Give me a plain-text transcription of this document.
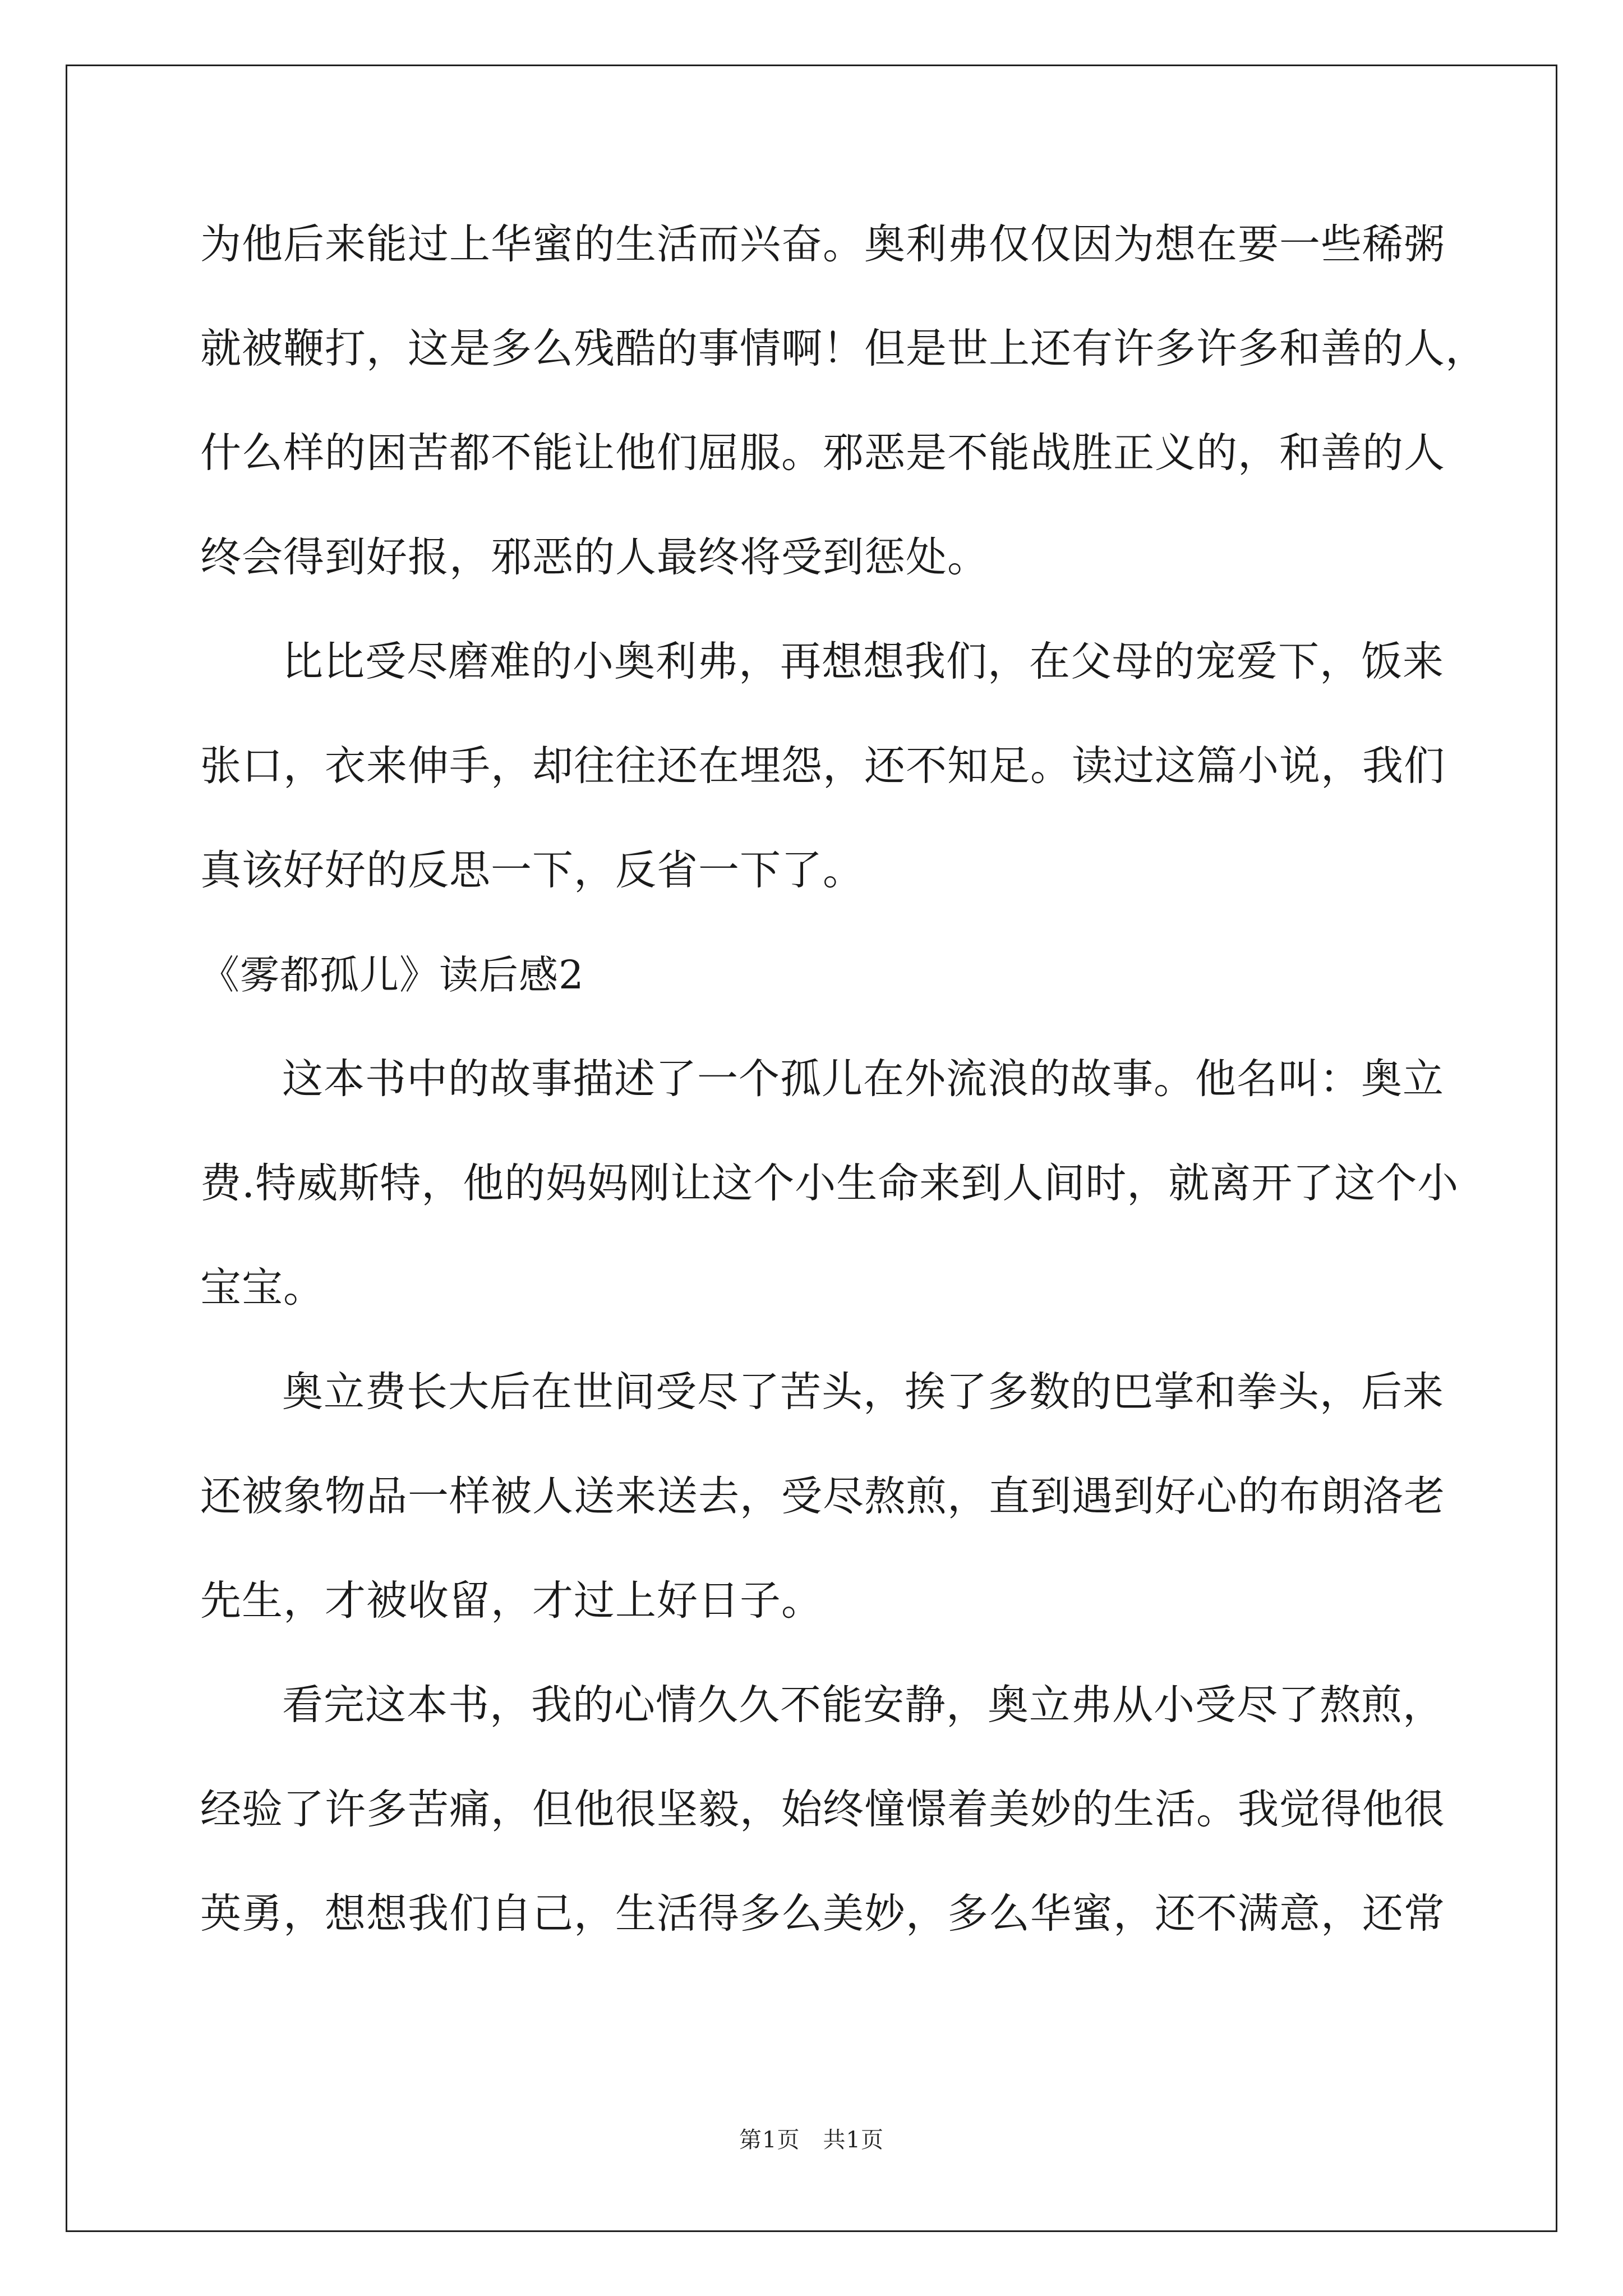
为他后来能过上华蜜的生活而兴奋。奥利弗仅仅因为想在要一些稀粥
就被鞭打，这是多么残酷的事情啊！但是世上还有许多许多和善的人，
什么样的困苦都不能让他们屈服。邪恶是不能战胜正义的，和善的人
终会得到好报，邪恶的人最终将受到惩处。
比比受尽磨难的小奥利弗，再想想我们，在父母的宠爱下，饭来
张口，衣来伸手，却往往还在埋怨，还不知足。读过这篇小说，我们
真该好好的反思一下，反省一下了。
《雾都孤儿》读后感2
这本书中的故事描述了一个孤儿在外流浪的故事。他名叫：奥立
费.特威斯特，他的妈妈刚让这个小生命来到人间时，就离开了这个小
宝宝。
奥立费长大后在世间受尽了苦头，挨了多数的巴掌和拳头，后来
还被象物品一样被人送来送去，受尽熬煎，直到遇到好心的布朗洛老
先生，才被收留，才过上好日子。
看完这本书，我的心情久久不能安静，奥立弗从小受尽了熬煎，
经验了许多苦痛，但他很坚毅，始终憧憬着美妙的生活。我觉得他很
英勇，想想我们自己，生活得多么美妙，多么华蜜，还不满意，还常
第1页　共1页
